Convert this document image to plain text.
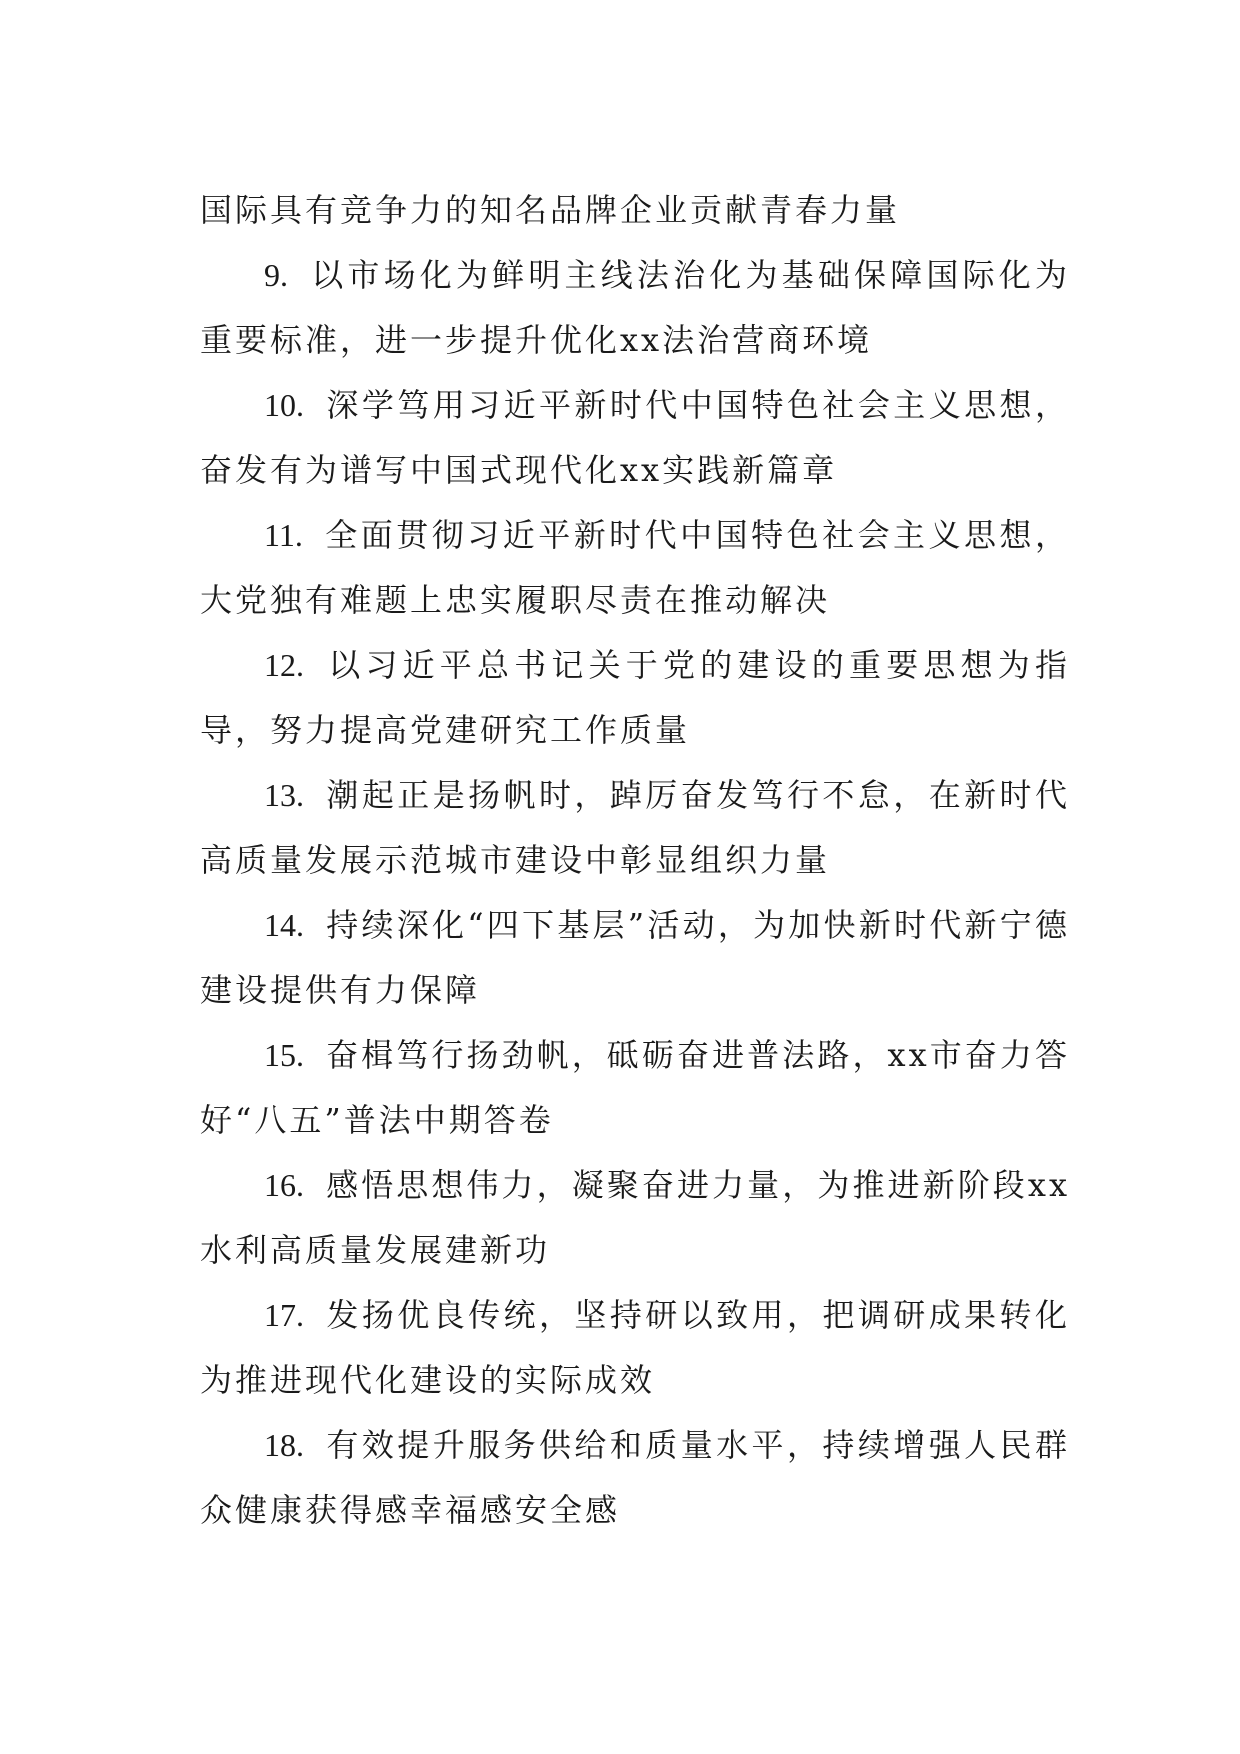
国际具有竞争力的知名品牌企业贡献青春力量

9. 以市场化为鲜明主线法治化为基础保障国际化为重要标准，进一步提升优化xx法治营商环境

10. 深学笃用习近平新时代中国特色社会主义思想，奋发有为谱写中国式现代化xx实践新篇章

11. 全面贯彻习近平新时代中国特色社会主义思想，大党独有难题上忠实履职尽责在推动解决

12. 以习近平总书记关于党的建设的重要思想为指导，努力提高党建研究工作质量

13. 潮起正是扬帆时，踔厉奋发笃行不怠，在新时代高质量发展示范城市建设中彰显组织力量

14. 持续深化“四下基层”活动，为加快新时代新宁德建设提供有力保障

15. 奋楫笃行扬劲帆，砥砺奋进普法路，xx市奋力答好“八五”普法中期答卷

16. 感悟思想伟力，凝聚奋进力量，为推进新阶段xx水利高质量发展建新功

17. 发扬优良传统，坚持研以致用，把调研成果转化为推进现代化建设的实际成效

18. 有效提升服务供给和质量水平，持续增强人民群众健康获得感幸福感安全感
